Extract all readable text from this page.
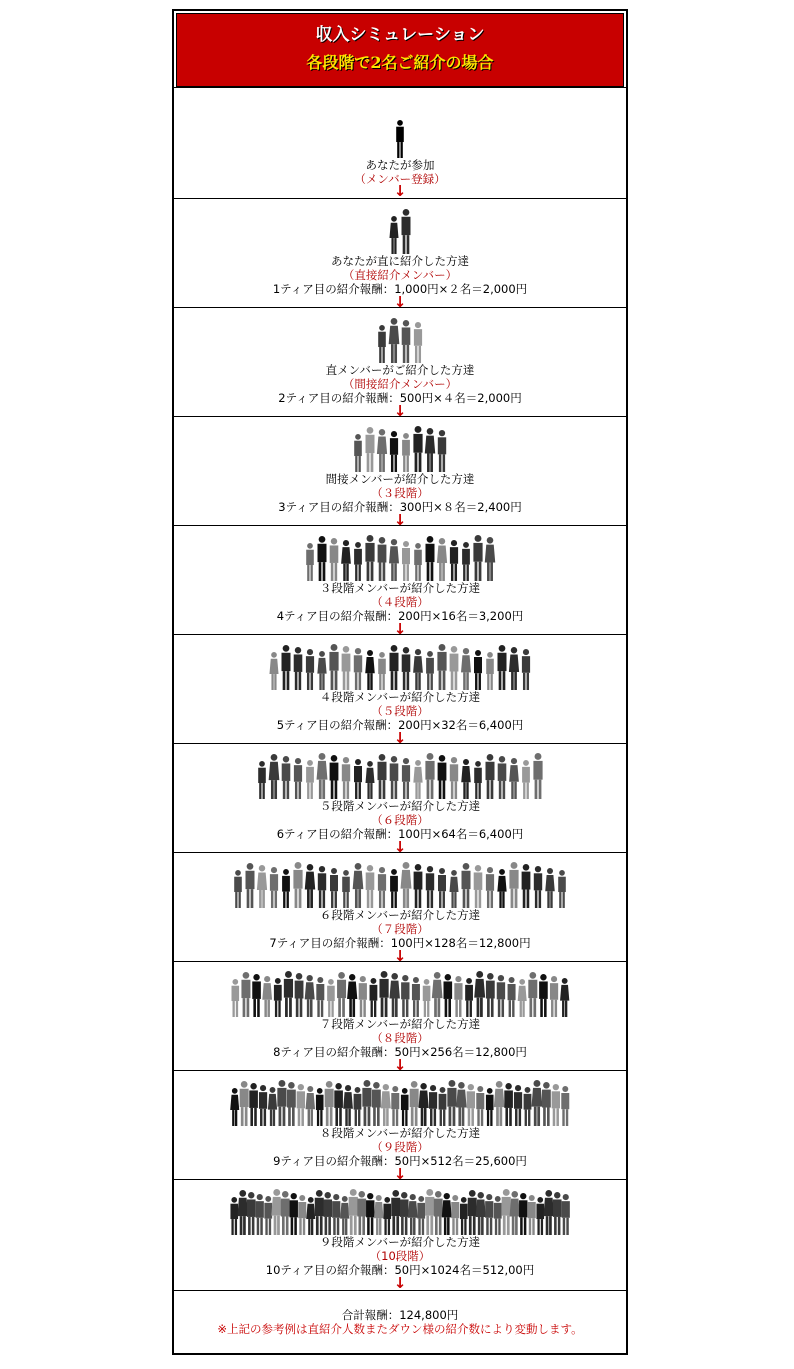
収入シミュレーション
各段階で2名ご紹介の場合
あなたが参加
（メンバー登録）
↓
あなたが直に紹介した方達
（直接紹介メンバー）
1ティア目の紹介報酬：1,000円×２名＝2,000円
↓
直メンバーがご紹介した方達
（間接紹介メンバー）
2ティア目の紹介報酬：500円×４名＝2,000円
↓
間接メンバーが紹介した方達
（３段階）
3ティア目の紹介報酬：300円×８名＝2,400円
↓
３段階メンバーが紹介した方達
（４段階）
4ティア目の紹介報酬：200円×16名＝3,200円
↓
４段階メンバーが紹介した方達
（５段階）
5ティア目の紹介報酬：200円×32名＝6,400円
↓
５段階メンバーが紹介した方達
（６段階）
6ティア目の紹介報酬：100円×64名＝6,400円
↓
６段階メンバーが紹介した方達
（７段階）
7ティア目の紹介報酬：100円×128名＝12,800円
↓
７段階メンバーが紹介した方達
（８段階）
8ティア目の紹介報酬：50円×256名＝12,800円
↓
８段階メンバーが紹介した方達
（９段階）
9ティア目の紹介報酬：50円×512名＝25,600円
↓
９段階メンバーが紹介した方達
（10段階）
10ティア目の紹介報酬：50円×1024名＝512,00円
↓
合計報酬：124,800円
※上記の参考例は直紹介人数またダウン様の紹介数により変動します。
